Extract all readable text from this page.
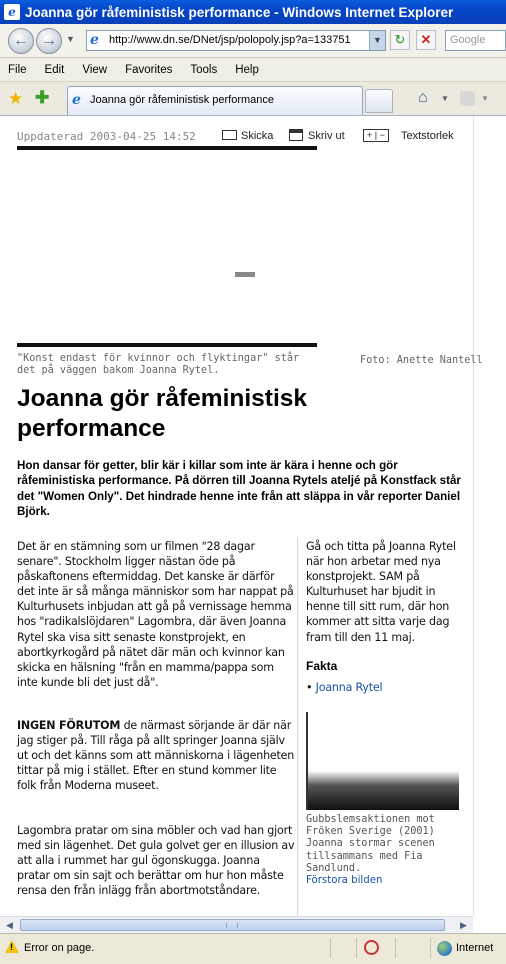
e Joanna gör råfeministisk performance - Windows Internet Explorer
← →	▼ e http://www.dn.se/DNet/jsp/polopoly.jsp?a=133751	▼ ↻	✕	Google
File Edit View Favorites Tools Help
★ ✚ e Joanna gör råfeministisk performance	⌂ ▼	▼
Uppdaterad 2003-04-25 14:52	Skicka	Skriv ut	+ | −	Textstorlek
"Konst endast för kvinnor och flyktingar" står det på väggen bakom Joanna Rytel.
Foto: Anette Nantell
Joanna gör råfeministisk performance
Hon dansar för getter, blir kär i killar som inte är kära i henne och gör råfeministiska performance. På dörren till Joanna Rytels ateljé på Konstfack står det "Women Only". Det hindrade henne inte från att släppa in vår reporter Daniel Björk.
Det är en stämning som ur filmen "28 dagar senare". Stockholm ligger nästan öde på påskaftonens eftermiddag. Det kanske är därför det inte är så många människor som har nappat på Kulturhusets inbjudan att gå på vernissage hemma hos "radikalslöjdaren" Lagombra, där även Joanna Rytel ska visa sitt senaste konstprojekt, en abortkyrkogård på nätet där män och kvinnor kan skicka en hälsning "från en mamma/pappa som inte kunde bli det just då".
INGEN FÖRUTOM de närmast sörjande är där när jag stiger på. Till råga på allt springer Joanna själv ut och det känns som att människorna i lägenheten tittar på mig i stället. Efter en stund kommer lite folk från Moderna museet.
Lagombra pratar om sina möbler och vad han gjort med sin lägenhet. Det gula golvet ger en illusion av att alla i rummet har gul ögonskugga. Joanna pratar om sin sajt och berättar om hur hon måste rensa den från inlägg från abortmotståndare.
Gå och titta på Joanna Rytel när hon arbetar med nya konstprojekt. SAM på Kulturhuset har bjudit in henne till sitt rum, där hon kommer att sitta varje dag fram till den 11 maj.
Fakta
• Joanna Rytel
Gubbslemsaktionen mot Fröken Sverige (2001) Joanna stormar scenen tillsammans med Fia Sandlund.
Förstora bilden
◀	▶
!
Error on page.	Internet
